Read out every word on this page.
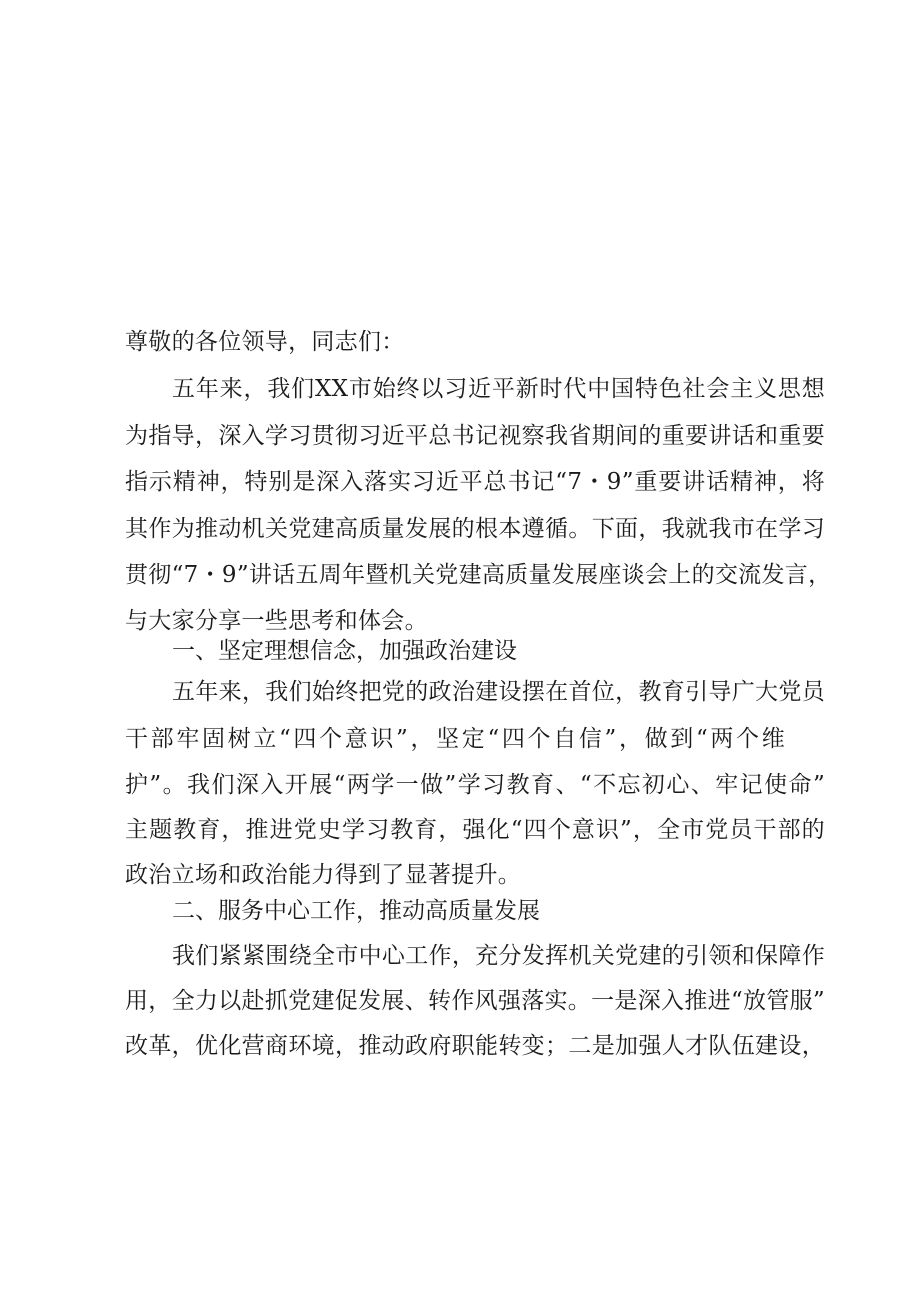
尊敬的各位领导，同志们：
五年来，我们XX市始终以习近平新时代中国特色社会主义思想
为指导，深入学习贯彻习近平总书记视察我省期间的重要讲话和重要
指示精神，特别是深入落实习近平总书记“7・9”重要讲话精神，将
其作为推动机关党建高质量发展的根本遵循。下面，我就我市在学习
贯彻“7・9”讲话五周年暨机关党建高质量发展座谈会上的交流发言，
与大家分享一些思考和体会。
一、坚定理想信念，加强政治建设
五年来，我们始终把党的政治建设摆在首位，教育引导广大党员
干部牢固树立“四个意识”，坚定“四个自信”，做到“两个维
护”。我们深入开展“两学一做”学习教育、“不忘初心、牢记使命”
主题教育，推进党史学习教育，强化“四个意识”，全市党员干部的
政治立场和政治能力得到了显著提升。
二、服务中心工作，推动高质量发展
我们紧紧围绕全市中心工作，充分发挥机关党建的引领和保障作
用，全力以赴抓党建促发展、转作风强落实。一是深入推进“放管服”
改革，优化营商环境，推动政府职能转变；二是加强人才队伍建设，
